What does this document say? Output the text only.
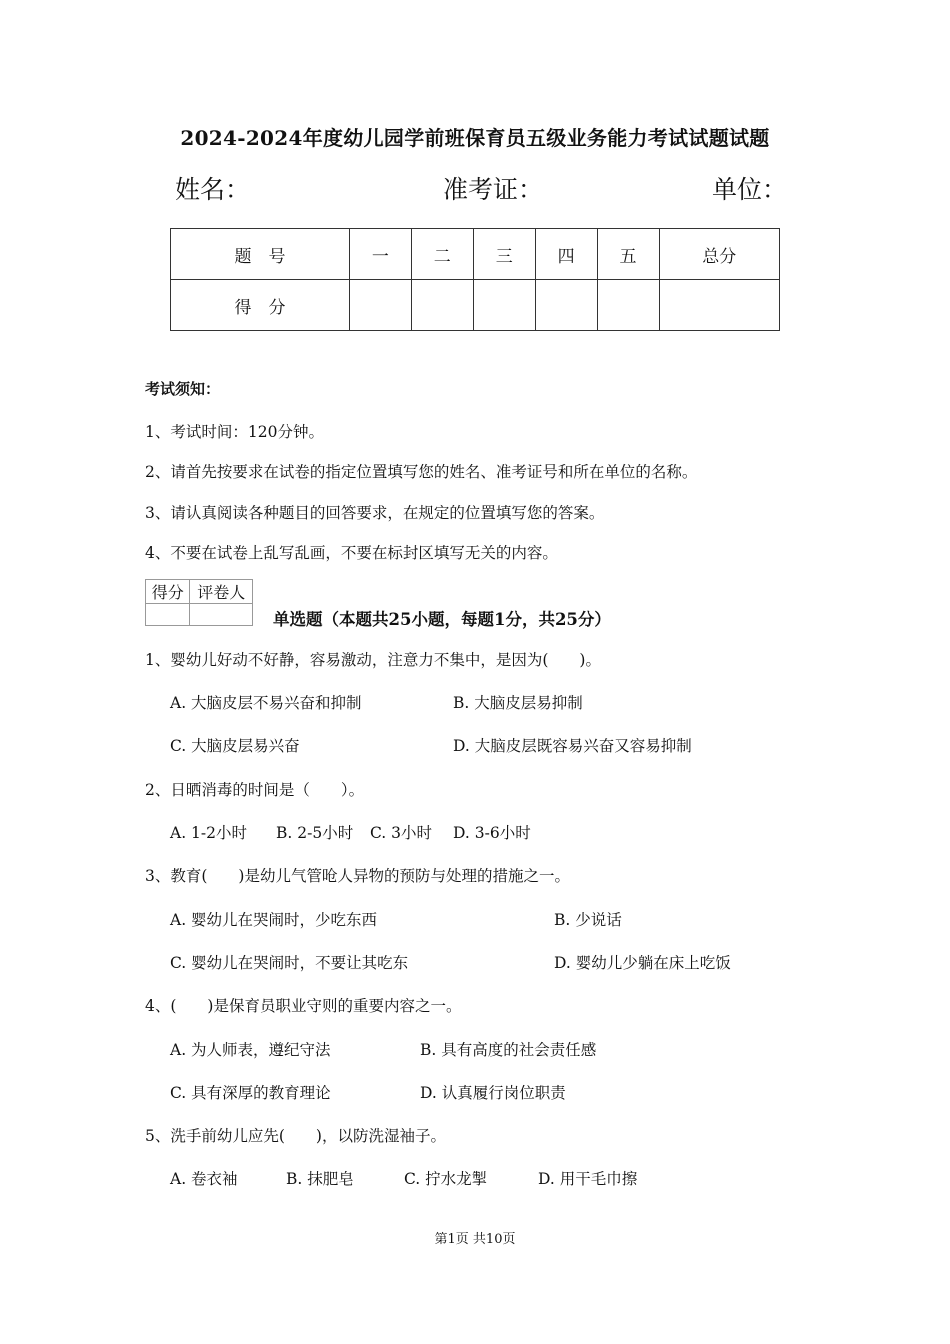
2024-2024年度幼儿园学前班保育员五级业务能力考试试题试题
姓名：	准考证：	单位：
题　号	一	二	三	四	五	总分
得　分						
考试须知：
1、考试时间：120分钟。
2、请首先按要求在试卷的指定位置填写您的姓名、准考证号和所在单位的名称。
3、请认真阅读各种题目的回答要求，在规定的位置填写您的答案。
4、不要在试卷上乱写乱画，不要在标封区填写无关的内容。
得分	评卷人

单选题（本题共25小题，每题1分，共25分）
1、婴幼儿好动不好静，容易激动，注意力不集中，是因为(　　)。
A. 大脑皮层不易兴奋和抑制	B. 大脑皮层易抑制
C. 大脑皮层易兴奋	D. 大脑皮层既容易兴奋又容易抑制
2、日晒消毒的时间是（　　）。
A. 1-2小时 B. 2-5小时 C. 3小时 D. 3-6小时
3、教育(　　)是幼儿气管呛人异物的预防与处理的措施之一。
A. 婴幼儿在哭闹时，少吃东西	B. 少说话
C. 婴幼儿在哭闹时，不要让其吃东	D. 婴幼儿少躺在床上吃饭
4、(　　)是保育员职业守则的重要内容之一。
A. 为人师表，遵纪守法	B. 具有高度的社会责任感
C. 具有深厚的教育理论	D. 认真履行岗位职责
5、洗手前幼儿应先(　　)，以防洗湿袖子。
A. 卷衣袖	B. 抹肥皂	C. 拧水龙掣	D. 用干毛巾擦
第1页 共10页
